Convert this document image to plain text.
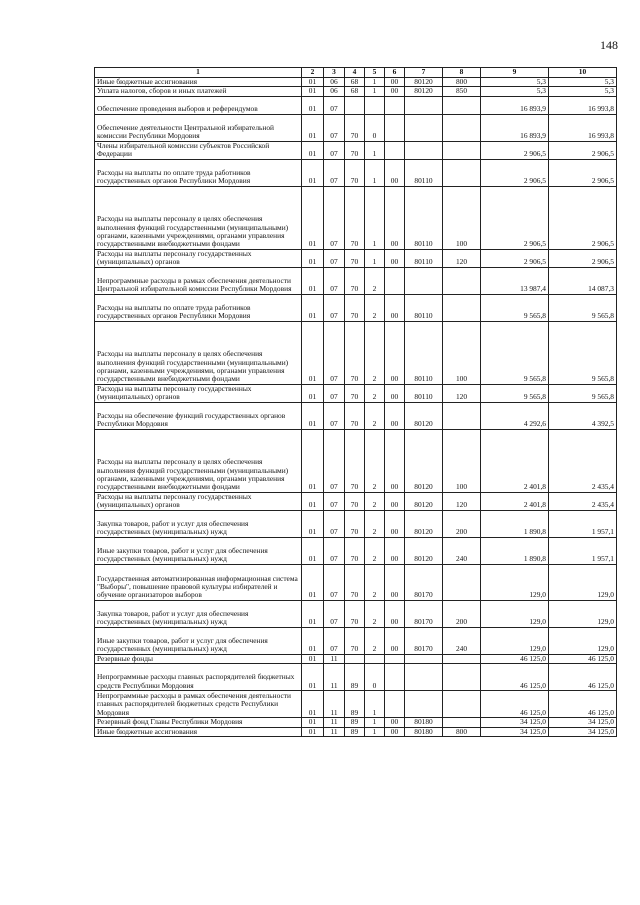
148
1	2	3	4	5	6	7	8	9	10
Иные бюджетные ассигнования	01	06	68	1	00	80120	800	5,3	5,3
Уплата налогов, сборов и иных платежей	01	06	68	1	00	80120	850	5,3	5,3
Обеспечение проведения выборов и референдумов	01	07						16 893,9	16 993,8
Обеспечение деятельности Центральной избирательной комиссии Республики Мордовия	01	07	70	0				16 893,9	16 993,8
Члены избирательной комиссии субъектов Российской Федерации	01	07	70	1				2 906,5	2 906,5
Расходы на выплаты по оплате труда работников государственных органов Республики Мордовия	01	07	70	1	00	80110		2 906,5	2 906,5
Расходы на выплаты персоналу в целях обеспечения выполнения функций государственными (муниципальными) органами, казенными учреждениями, органами управления государственными внебюджетными фондами	01	07	70	1	00	80110	100	2 906,5	2 906,5
Расходы на выплаты персоналу государственных (муниципальных) органов	01	07	70	1	00	80110	120	2 906,5	2 906,5
Непрограммные расходы в рамках обеспечения деятельности Центральной избирательной комиссии Республики Мордовия	01	07	70	2				13 987,4	14 087,3
Расходы на выплаты по оплате труда работников государственных органов Республики Мордовия	01	07	70	2	00	80110		9 565,8	9 565,8
Расходы на выплаты персоналу в целях обеспечения выполнения функций государственными (муниципальными) органами, казенными учреждениями, органами управления государственными внебюджетными фондами	01	07	70	2	00	80110	100	9 565,8	9 565,8
Расходы на выплаты персоналу государственных (муниципальных) органов	01	07	70	2	00	80110	120	9 565,8	9 565,8
Расходы на обеспечение функций государственных органов Республики Мордовия	01	07	70	2	00	80120		4 292,6	4 392,5
Расходы на выплаты персоналу в целях обеспечения выполнения функций государственными (муниципальными) органами, казенными учреждениями, органами управления государственными внебюджетными фондами	01	07	70	2	00	80120	100	2 401,8	2 435,4
Расходы на выплаты персоналу государственных (муниципальных) органов	01	07	70	2	00	80120	120	2 401,8	2 435,4
Закупка товаров, работ и услуг для обеспечения государственных (муниципальных) нужд	01	07	70	2	00	80120	200	1 890,8	1 957,1
Иные закупки товаров, работ и услуг для обеспечения государственных (муниципальных) нужд	01	07	70	2	00	80120	240	1 890,8	1 957,1
Государственная автоматизированная информационная система "Выборы", повышение правовой культуры избирателей и обучение организаторов выборов	01	07	70	2	00	80170		129,0	129,0
Закупка товаров, работ и услуг для обеспечения государственных (муниципальных) нужд	01	07	70	2	00	80170	200	129,0	129,0
Иные закупки товаров, работ и услуг для обеспечения государственных (муниципальных) нужд	01	07	70	2	00	80170	240	129,0	129,0
Резервные фонды	01	11						46 125,0	46 125,0
Непрограммные расходы главных распорядителей бюджетных средств Республики Мордовия	01	11	89	0				46 125,0	46 125,0
Непрограммные расходы в рамках обеспечения деятельности главных распорядителей бюджетных средств Республики Мордовия	01	11	89	1				46 125,0	46 125,0
Резервный фонд Главы Республики Мордовия	01	11	89	1	00	80180		34 125,0	34 125,0
Иные бюджетные ассигнования	01	11	89	1	00	80180	800	34 125,0	34 125,0
